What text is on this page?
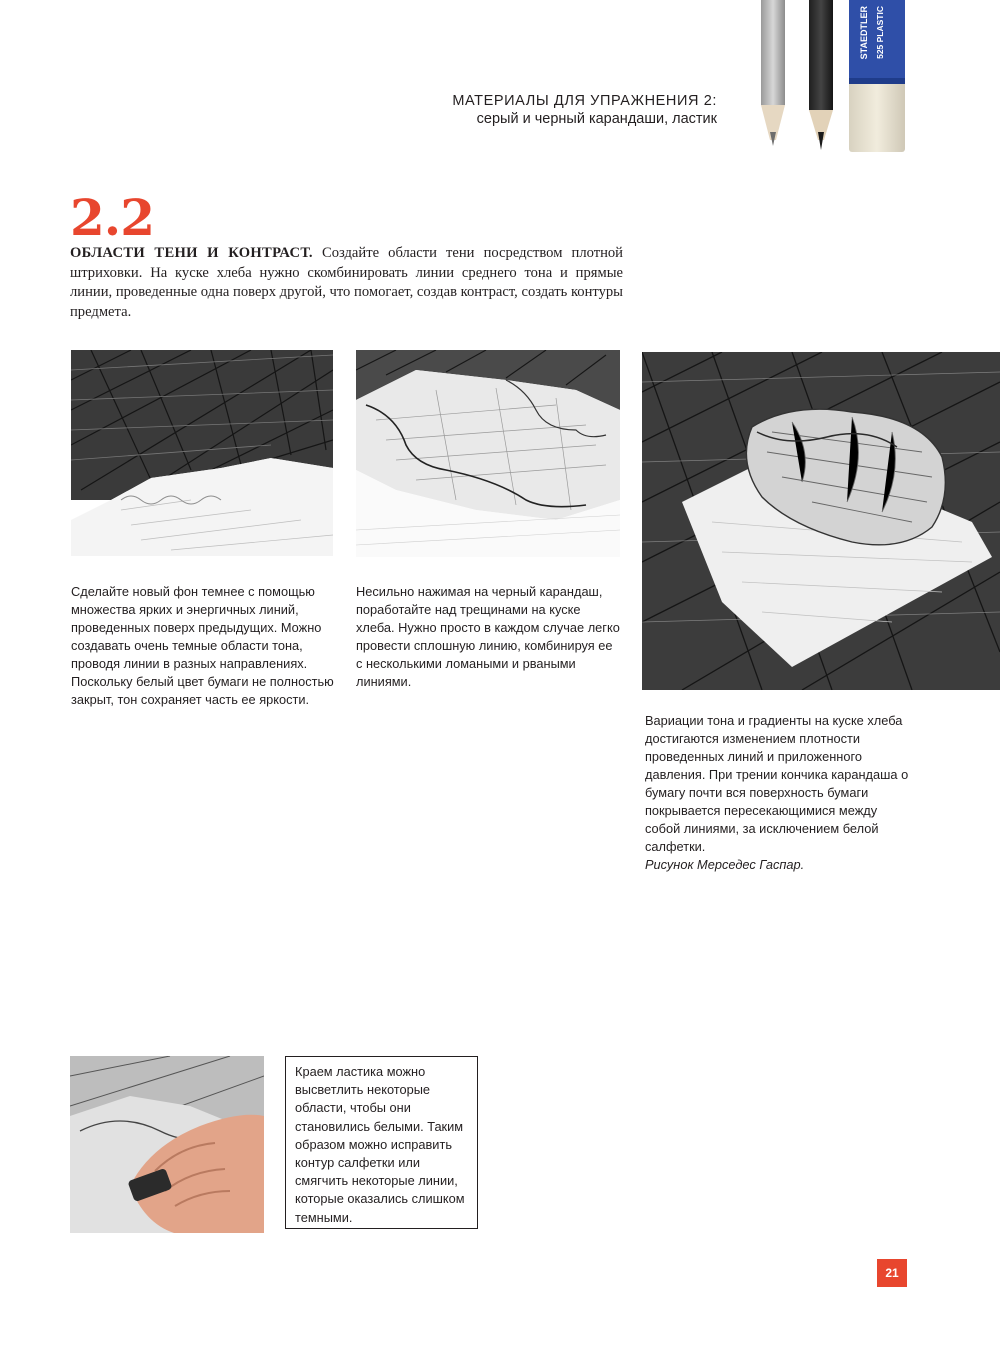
STAEDTLER 525 PLASTIC
МАТЕРИАЛЫ ДЛЯ УПРАЖНЕНИЯ 2:
серый и черный карандаши, ластик
2.2
ОБЛАСТИ ТЕНИ И КОНТРАСТ. Создайте области тени посредством плотной штриховки. На куске хлеба нужно скомбинировать линии среднего тона и прямые линии, проведенные одна поверх другой, что помогает, создав контраст, создать контуры предмета.
Сделайте новый фон темнее с помощью множества ярких и энергичных линий, проведенных поверх предыдущих. Можно создавать очень темные области тона, проводя линии в разных направлениях. Поскольку белый цвет бумаги не полностью закрыт, тон сохраняет часть ее яркости.
Несильно нажимая на черный карандаш, поработайте над трещинами на куске хлеба. Нужно просто в каждом случае легко провести сплошную линию, комбинируя ее с несколькими ломаными и рваными линиями.
Вариации тона и градиенты на куске хлеба достигаются изменением плотности проведенных линий и приложенного давления. При трении кончика карандаша о бумагу почти вся поверхность бумаги покрывается пересекающимися между собой линиями, за исключением белой салфетки.
Рисунок Мерседес Гаспар.
Краем ластика можно высветлить некоторые области, чтобы они становились белыми. Таким образом можно исправить контур салфетки или смягчить некоторые линии, которые оказались слишком темными.
21
